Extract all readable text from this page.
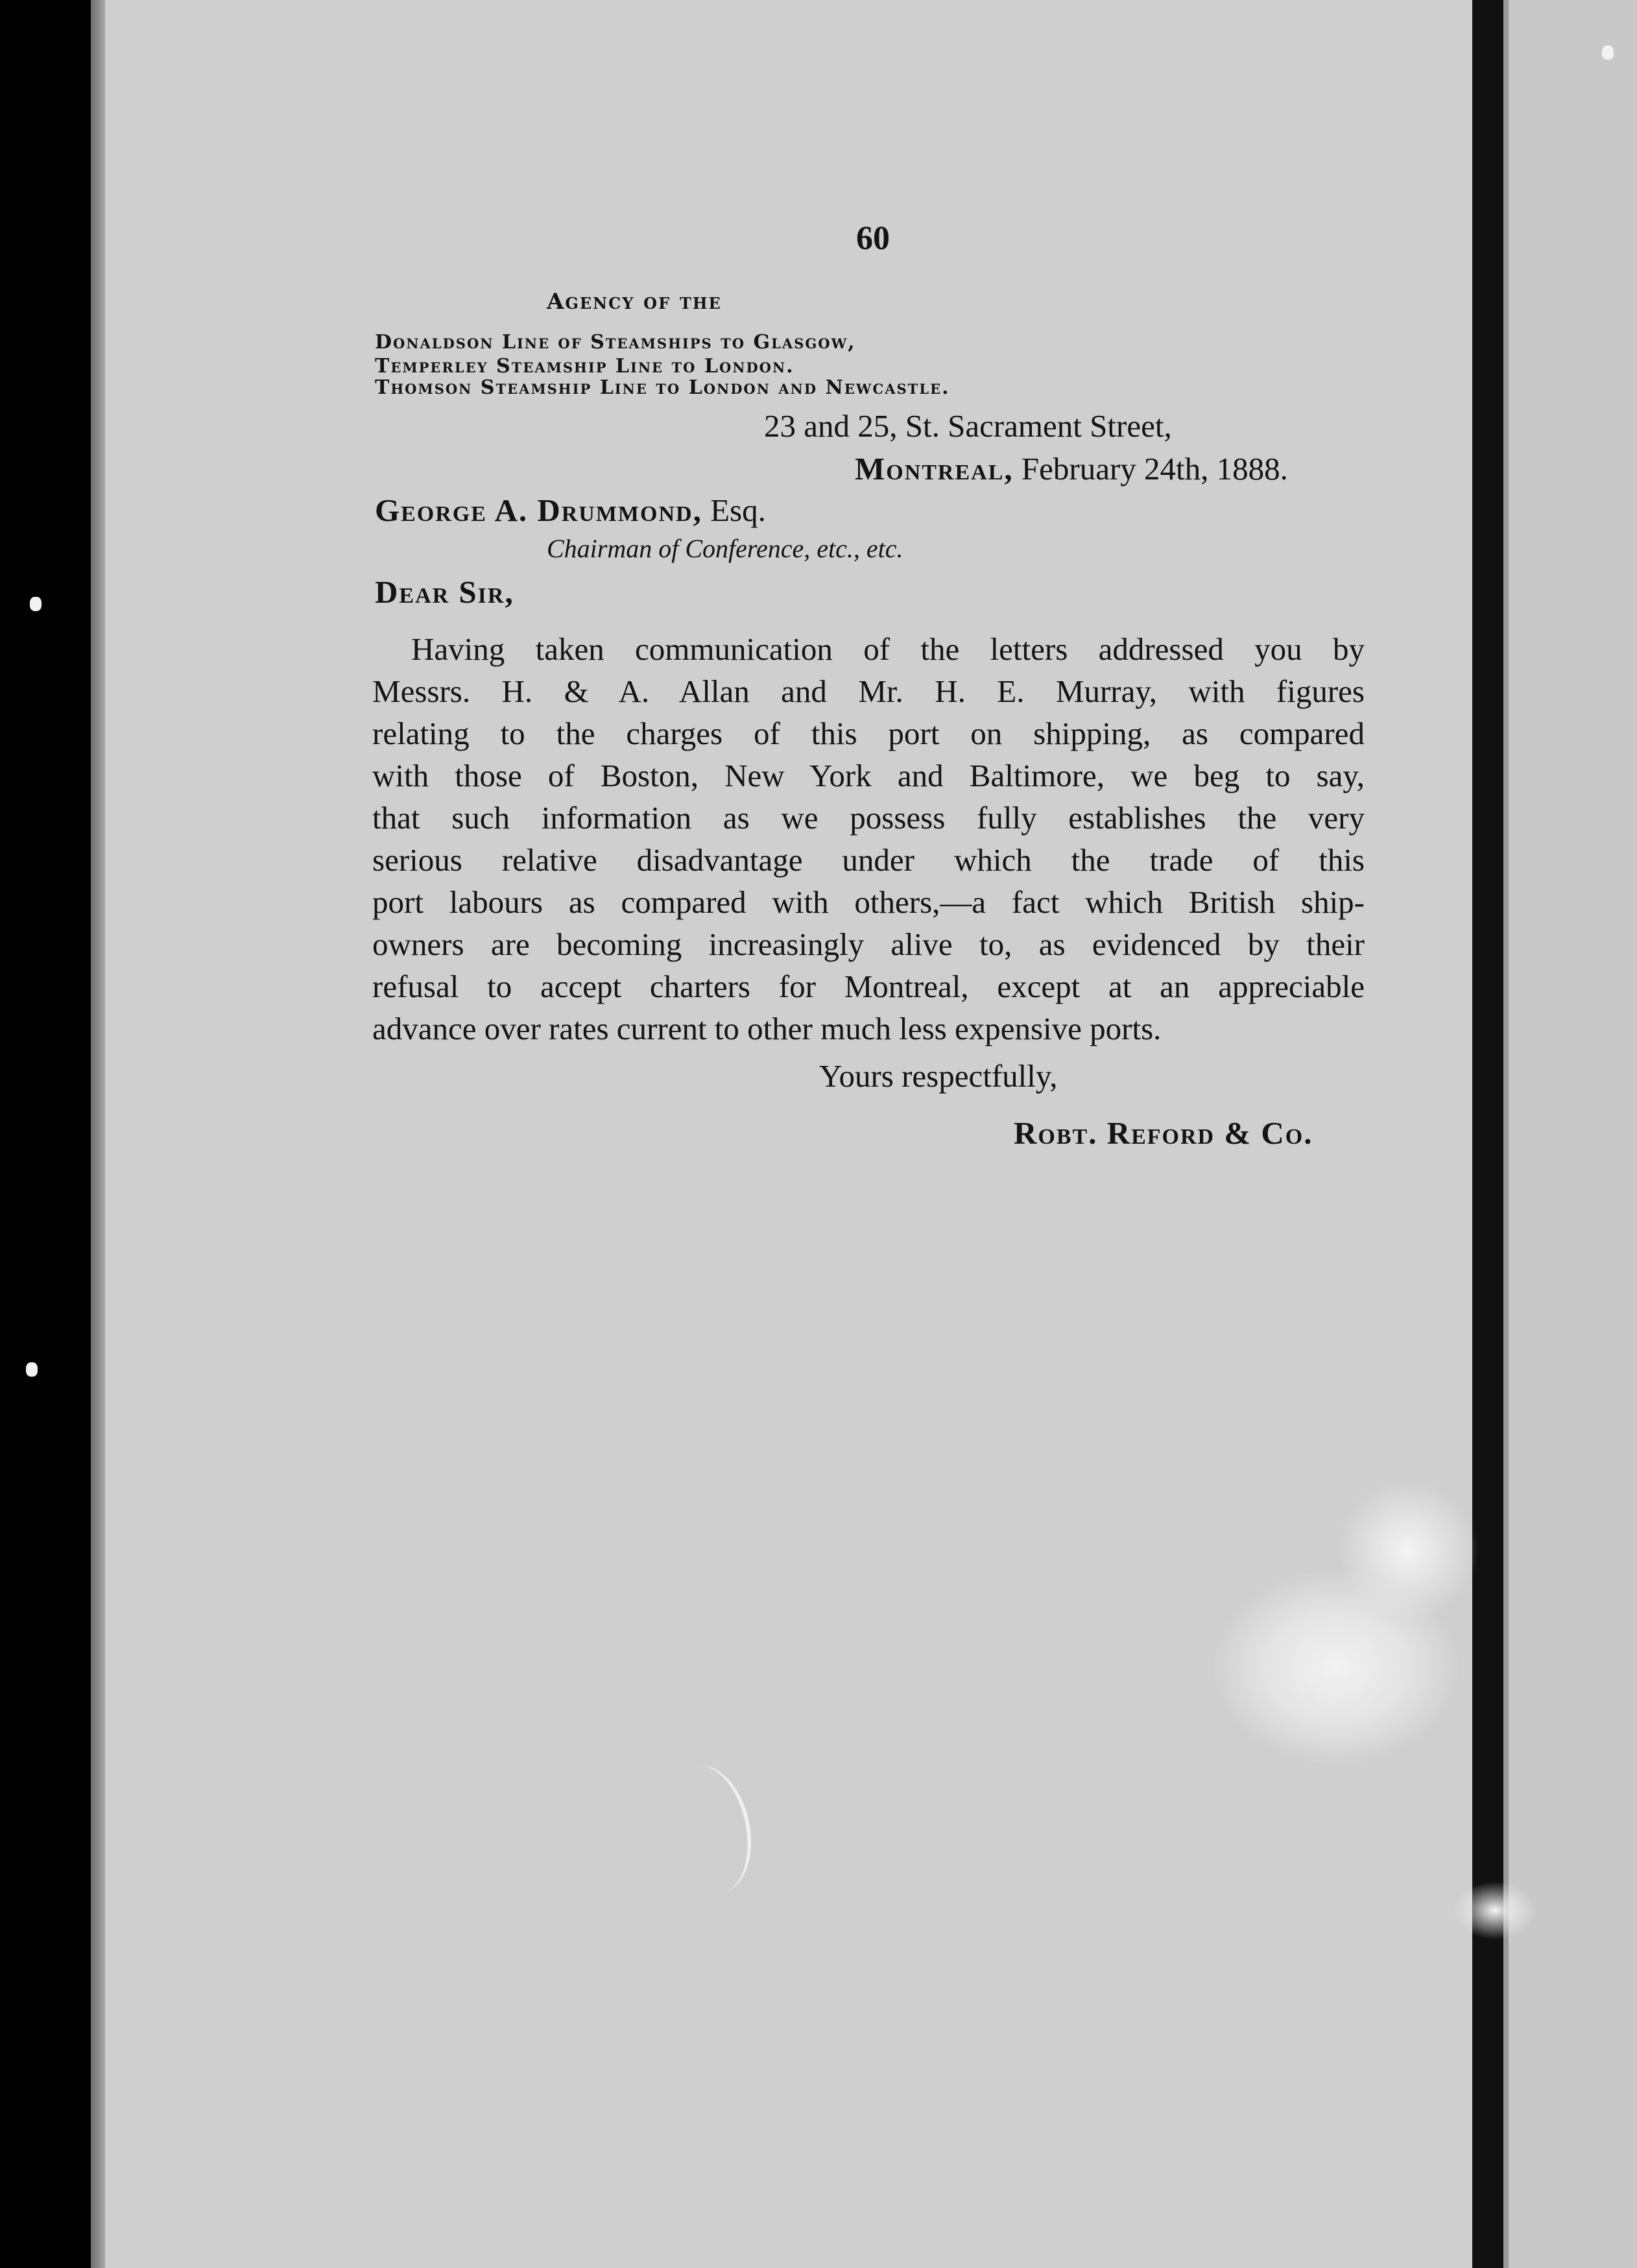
60

Agency of the

Donaldson Line of Steamships to Glasgow,

Temperley Steamship Line to London.

Thomson Steamship Line to London and Newcastle.

23 and 25, St. Sacrament Street,

Montreal, February 24th, 1888.

George A. Drummond, Esq.

Chairman of Conference, etc., etc.

Dear Sir,

Having taken communication of the letters addressed you by
Messrs. H. & A. Allan and Mr. H. E. Murray, with figures
relating to the charges of this port on shipping, as compared
with those of Boston, New York and Baltimore, we beg to say,
that such information as we possess fully establishes the very
serious relative disadvantage under which the trade of this
port labours as compared with others,—a fact which British ship-
owners are becoming increasingly alive to, as evidenced by their
refusal to accept charters for Montreal, except at an appreciable
advance over rates current to other much less expensive ports.

Yours respectfully,

Robt. Reford & Co.
